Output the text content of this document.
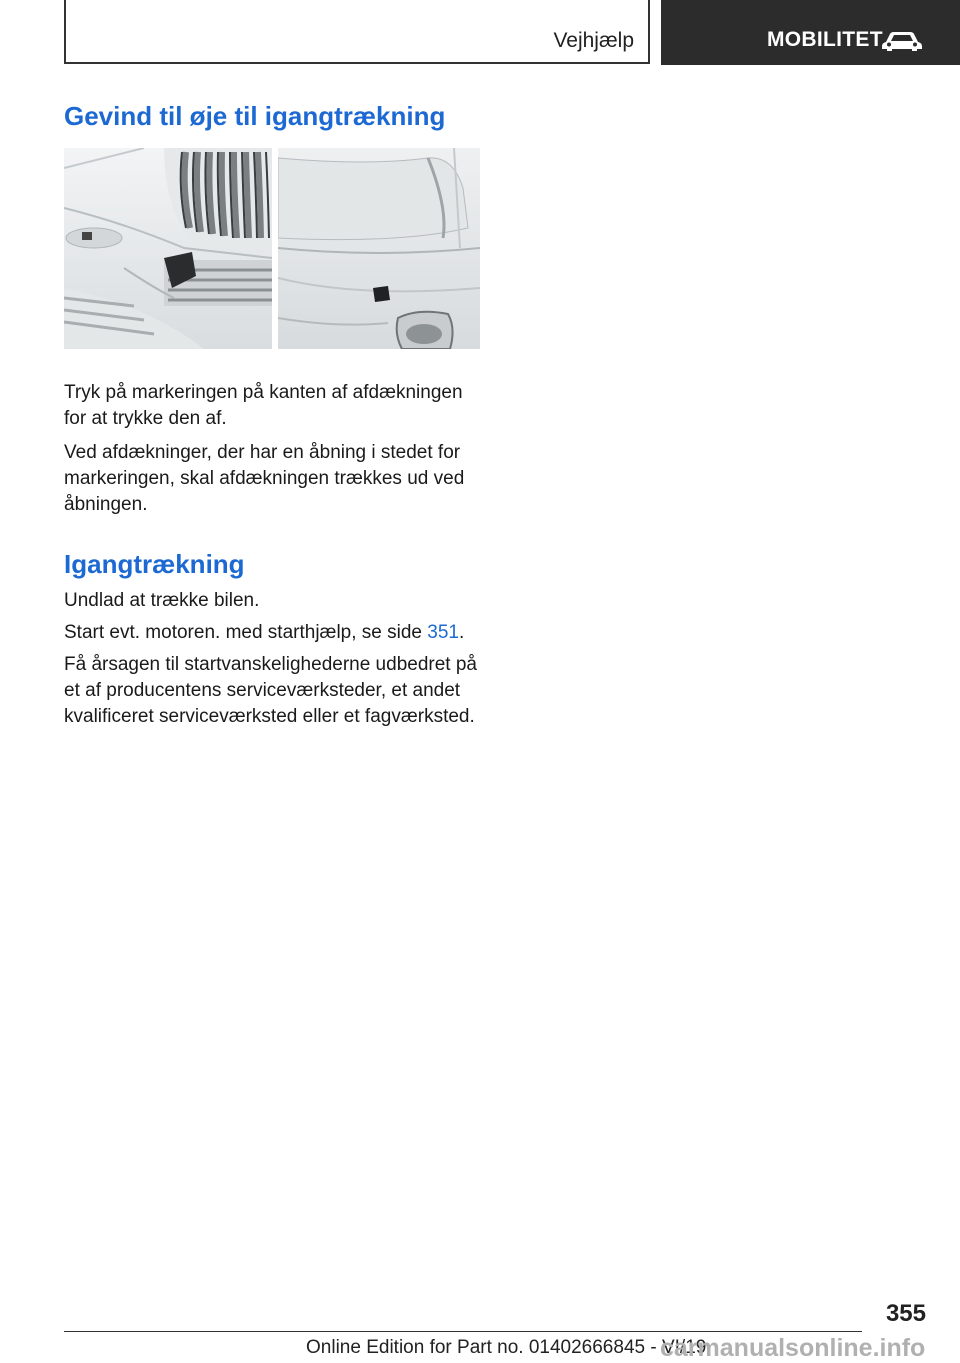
Vejhjælp	MOBILITET
Gevind til øje til igangtrækning

Tryk på markeringen på kanten af afdækningen for at trykke den af.

Ved afdækninger, der har en åbning i stedet for markeringen, skal afdækningen trækkes ud ved åbningen.

Igangtrækning

Undlad at trække bilen.

Start evt. motoren. med starthjælp, se side 351.

Få årsagen til startvanskelighederne udbedret på et af producentens serviceværksteder, et andet kvalificeret serviceværksted eller et fagværksted.

355
Online Edition for Part no. 01402666845 - VI/19
carmanualsonline.info
